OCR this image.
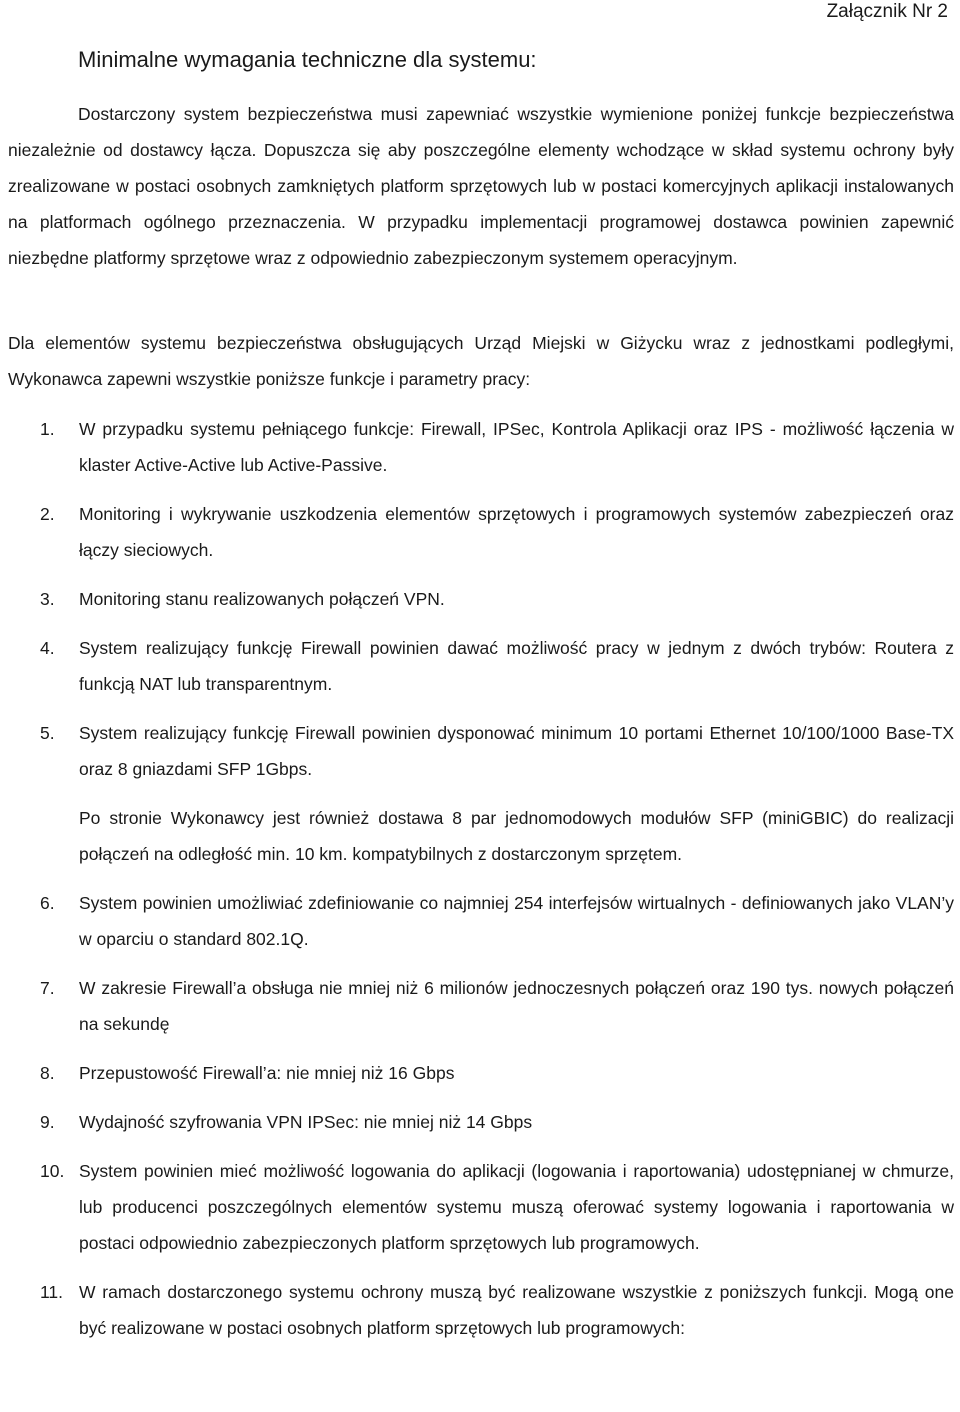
Załącznik Nr 2

Minimalne wymagania techniczne dla systemu:

Dostarczony system bezpieczeństwa musi zapewniać wszystkie wymienione poniżej funkcje bezpieczeństwa niezależnie od dostawcy łącza. Dopuszcza się aby poszczególne elementy wchodzące w skład systemu ochrony były zrealizowane w postaci osobnych zamkniętych platform sprzętowych lub w postaci komercyjnych aplikacji instalowanych na platformach ogólnego przeznaczenia. W przypadku implementacji programowej dostawca powinien zapewnić niezbędne platformy sprzętowe wraz z odpowiednio zabezpieczonym systemem operacyjnym.

Dla elementów systemu bezpieczeństwa obsługujących Urząd Miejski w Giżycku wraz z jednostkami podległymi, Wykonawca zapewni wszystkie poniższe funkcje i parametry pracy:

1. W przypadku systemu pełniącego funkcje: Firewall, IPSec, Kontrola Aplikacji oraz IPS - możliwość łączenia w klaster Active-Active lub Active-Passive.
2. Monitoring i wykrywanie uszkodzenia elementów sprzętowych i programowych systemów zabezpieczeń oraz łączy sieciowych.
3. Monitoring stanu realizowanych połączeń VPN.
4. System realizujący funkcję Firewall powinien dawać możliwość pracy w jednym z dwóch trybów: Routera z funkcją NAT lub transparentnym.
5. System realizujący funkcję Firewall powinien dysponować minimum 10 portami Ethernet 10/100/1000 Base-TX oraz 8 gniazdami SFP 1Gbps.
Po stronie Wykonawcy jest również dostawa 8 par jednomodowych modułów SFP (miniGBIC) do realizacji połączeń na odległość min. 10 km. kompatybilnych z dostarczonym sprzętem.
6. System powinien umożliwiać zdefiniowanie co najmniej 254 interfejsów wirtualnych - definiowanych jako VLAN’y w oparciu o standard 802.1Q.
7. W zakresie Firewall’a obsługa nie mniej niż 6 milionów jednoczesnych połączeń oraz 190 tys. nowych połączeń na sekundę
8. Przepustowość Firewall’a: nie mniej niż 16 Gbps
9. Wydajność szyfrowania VPN IPSec: nie mniej niż 14 Gbps
10. System powinien mieć możliwość logowania do aplikacji (logowania i raportowania) udostępnianej w chmurze, lub producenci poszczególnych elementów systemu muszą oferować systemy logowania i raportowania w postaci odpowiednio zabezpieczonych platform sprzętowych lub programowych.
11. W ramach dostarczonego systemu ochrony muszą być realizowane wszystkie z poniższych funkcji. Mogą one być realizowane w postaci osobnych platform sprzętowych lub programowych:
